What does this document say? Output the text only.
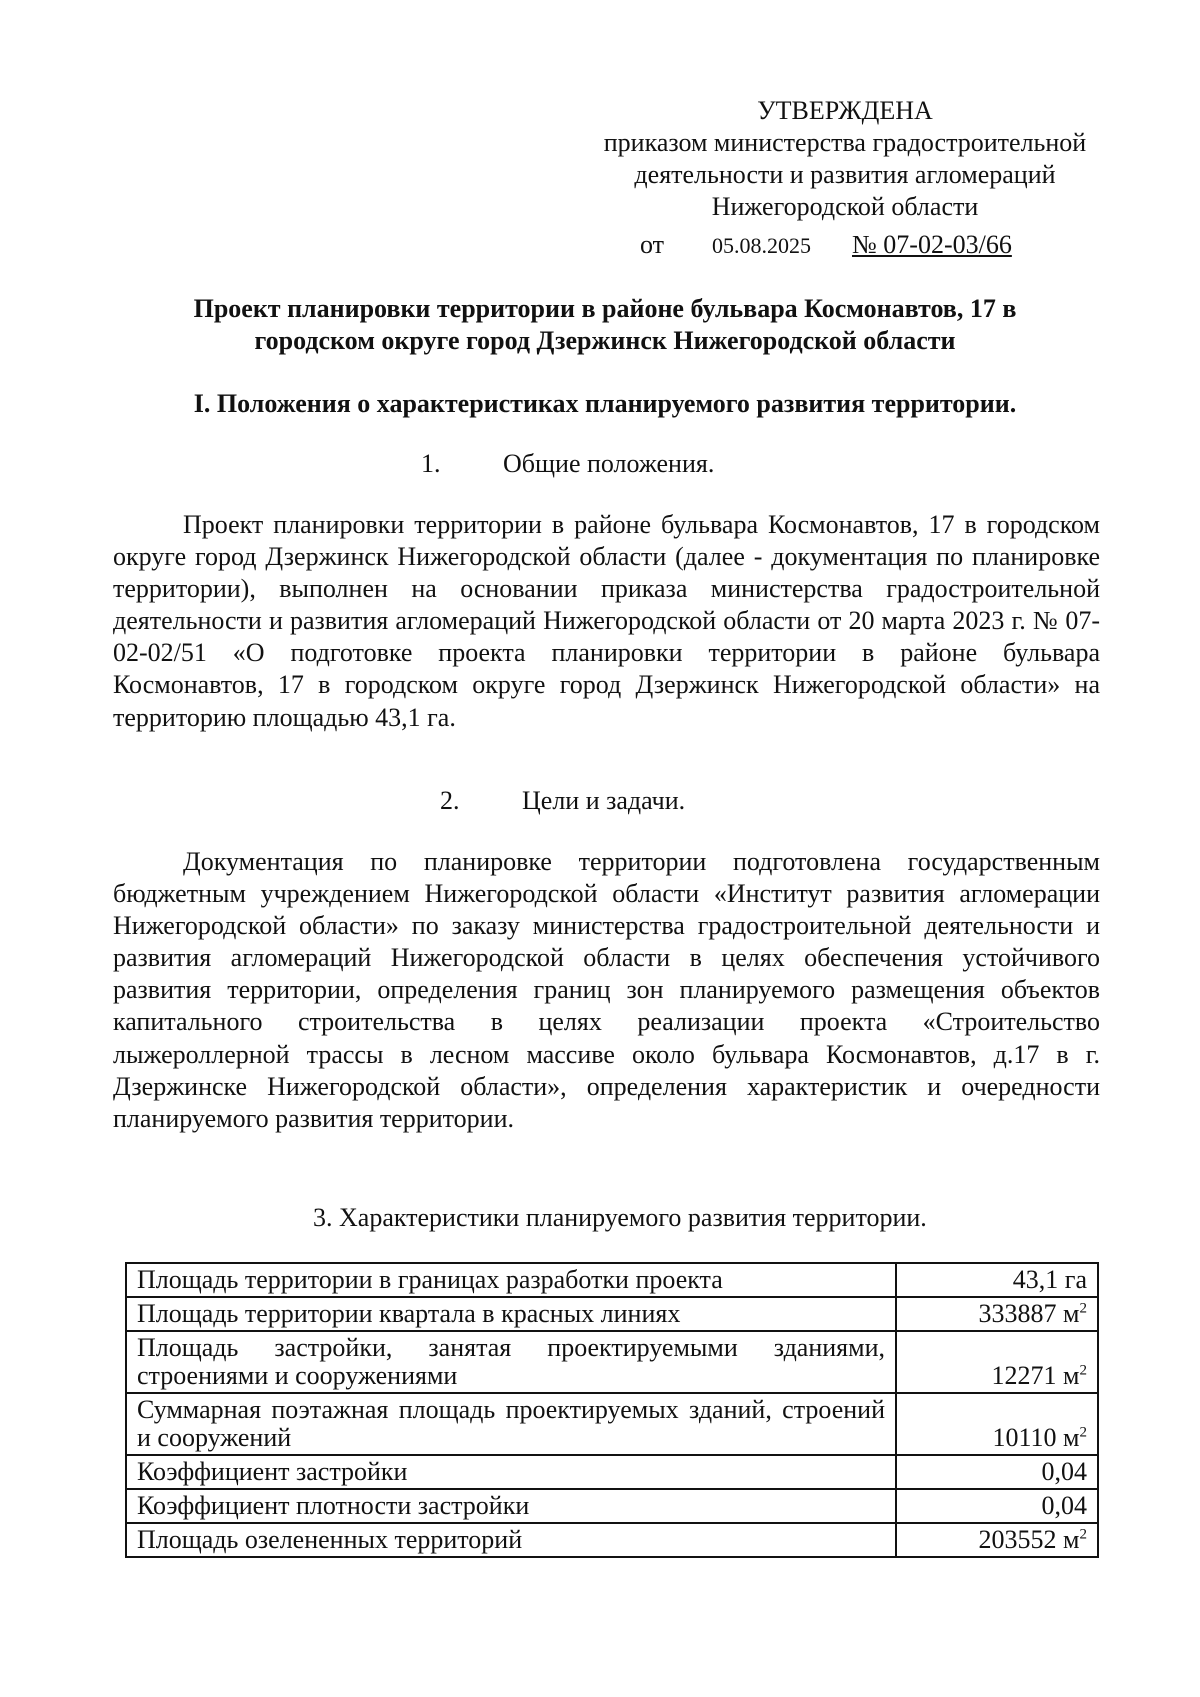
УТВЕРЖДЕНА
приказом министерства градостроительной
деятельности и развития агломераций
Нижегородской области
от 05.08.2025 № 07-02-03/66
Проект планировки территории в районе бульвара Космонавтов, 17 в
городском округе город Дзержинск Нижегородской области
I. Положения о характеристиках планируемого развития территории.
1. Общие положения.
Проект планировки территории в районе бульвара Космонавтов, 17 в городском округе город Дзержинск Нижегородской области (далее - документация по планировке территории), выполнен на основании приказа министерства градостроительной деятельности и развития агломераций Нижегородской области от 20 марта 2023 г. № 07-02-02/51 «О подготовке проекта планировки территории в районе бульвара Космонавтов, 17 в городском округе город Дзержинск Нижегородской области» на территорию площадью 43,1 га.
2. Цели и задачи.
Документация по планировке территории подготовлена государственным бюджетным учреждением Нижегородской области «Институт развития агломерации Нижегородской области» по заказу министерства градостроительной деятельности и развития агломераций Нижегородской области в целях обеспечения устойчивого развития территории, определения границ зон планируемого размещения объектов капитального строительства в целях реализации проекта «Строительство лыжероллерной трассы в лесном массиве около бульвара Космонавтов, д.17 в г. Дзержинске Нижегородской области», определения характеристик и очередности планируемого развития территории.
3. Характеристики планируемого развития территории.
Площадь территории в границах разработки проекта	43,1 га
Площадь территории квартала в красных линиях	333887 $м^2$
Площадь застройки, занятая проектируемыми зданиями, строениями и сооружениями	12271 $м^2$
Суммарная поэтажная площадь проектируемых зданий, строений и сооружений	10110 $м^2$
Коэффициент застройки	0,04
Коэффициент плотности застройки	0,04
Площадь озелененных территорий	203552 $м^2$
